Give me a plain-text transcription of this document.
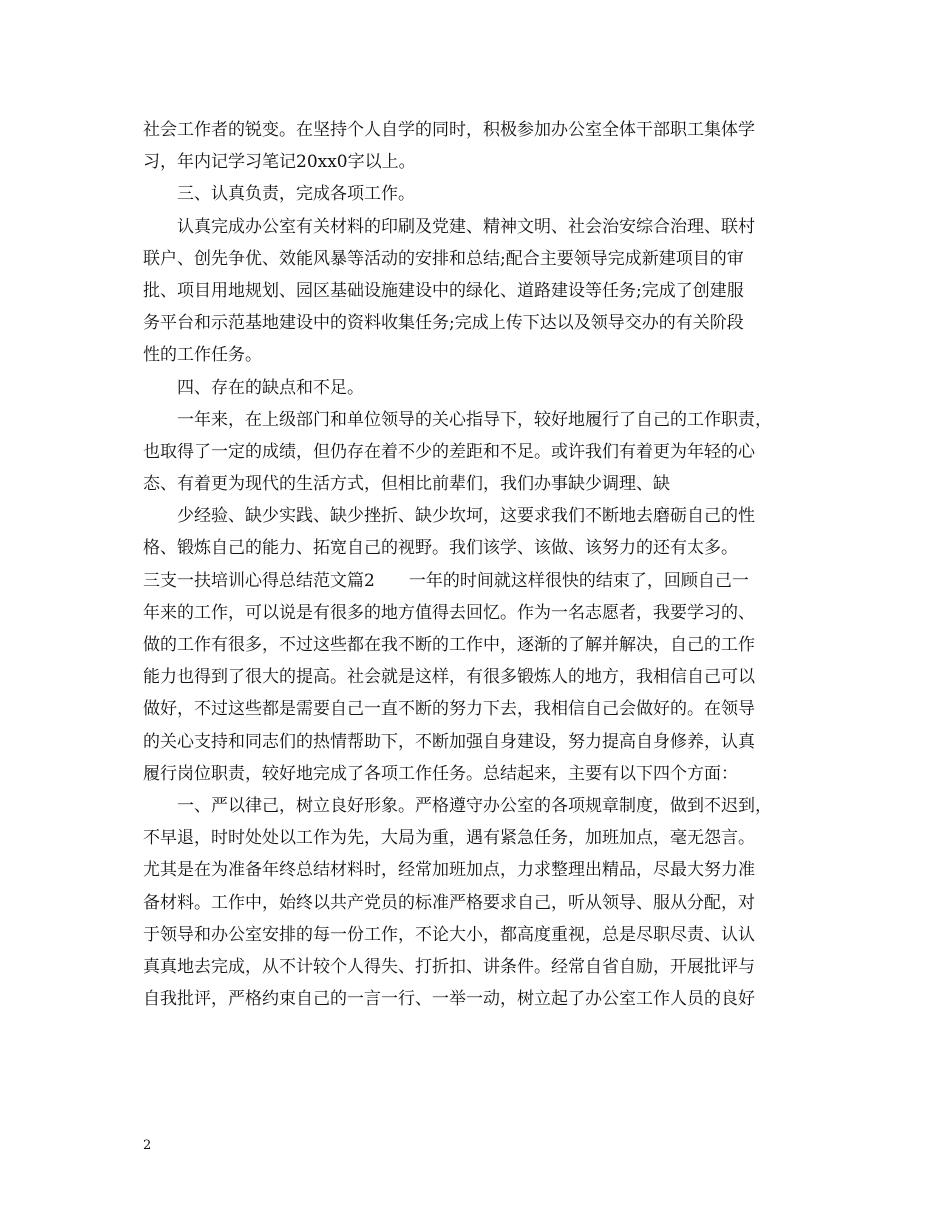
社会工作者的锐变。在坚持个人自学的同时，积极参加办公室全体干部职工集体学
习，年内记学习笔记20xx0字以上。
三、认真负责，完成各项工作。
认真完成办公室有关材料的印刷及党建、精神文明、社会治安综合治理、联村
联户、创先争优、效能风暴等活动的安排和总结;配合主要领导完成新建项目的审
批、项目用地规划、园区基础设施建设中的绿化、道路建设等任务;完成了创建服
务平台和示范基地建设中的资料收集任务;完成上传下达以及领导交办的有关阶段
性的工作任务。
四、存在的缺点和不足。
一年来，在上级部门和单位领导的关心指导下，较好地履行了自己的工作职责，
也取得了一定的成绩，但仍存在着不少的差距和不足。或许我们有着更为年轻的心
态、有着更为现代的生活方式，但相比前辈们，我们办事缺少调理、缺
少经验、缺少实践、缺少挫折、缺少坎坷，这要求我们不断地去磨砺自己的性
格、锻炼自己的能力、拓宽自己的视野。我们该学、该做、该努力的还有太多。
三支一扶培训心得总结范文篇2　　一年的时间就这样很快的结束了，回顾自己一
年来的工作，可以说是有很多的地方值得去回忆。作为一名志愿者，我要学习的、
做的工作有很多，不过这些都在我不断的工作中，逐渐的了解并解决，自己的工作
能力也得到了很大的提高。社会就是这样，有很多锻炼人的地方，我相信自己可以
做好，不过这些都是需要自己一直不断的努力下去，我相信自己会做好的。在领导
的关心支持和同志们的热情帮助下，不断加强自身建设，努力提高自身修养，认真
履行岗位职责，较好地完成了各项工作任务。总结起来，主要有以下四个方面：
一、严以律己，树立良好形象。严格遵守办公室的各项规章制度，做到不迟到，
不早退，时时处处以工作为先，大局为重，遇有紧急任务，加班加点，毫无怨言。
尤其是在为准备年终总结材料时，经常加班加点，力求整理出精品，尽最大努力准
备材料。工作中，始终以共产党员的标准严格要求自己，听从领导、服从分配，对
于领导和办公室安排的每一份工作，不论大小，都高度重视，总是尽职尽责、认认
真真地去完成，从不计较个人得失、打折扣、讲条件。经常自省自励，开展批评与
自我批评，严格约束自己的一言一行、一举一动，树立起了办公室工作人员的良好
2
